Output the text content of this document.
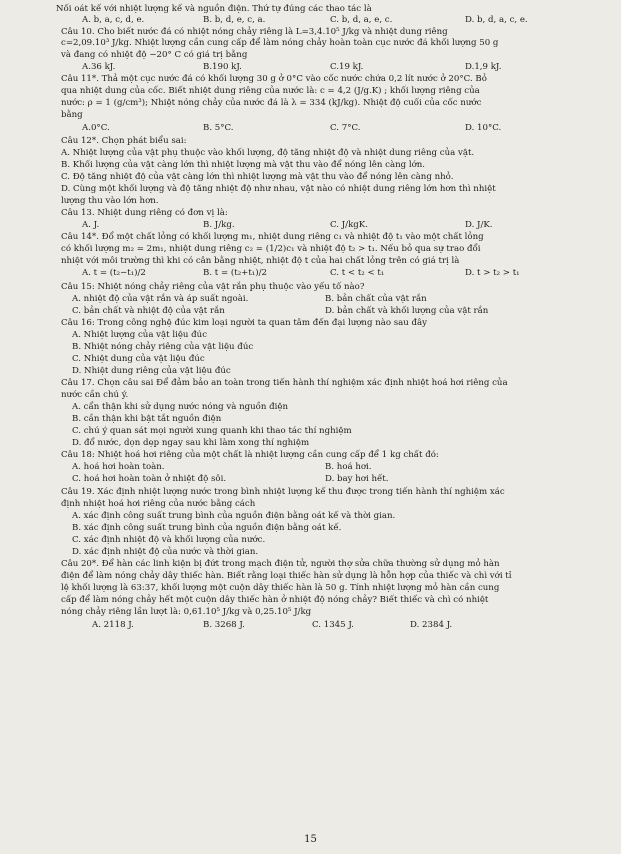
Nối oát kế với nhiệt lượng kế và nguồn điện. Thứ tự đúng các thao tác là
A. b, a, c, d, e.	B. b, d, e, c, a.	C. b, d, a, e, c.	D. b, d, a, c, e.
Câu 10. Cho biết nước đá có nhiệt nóng chảy riêng là L=3,4.10⁵ J/kg và nhiệt dung riêng
c=2,09.10³ J/kg. Nhiệt lượng cần cung cấp để làm nóng chảy hoàn toàn cục nước đá khối lượng 50 g
và đang có nhiệt độ −20° C có giá trị bằng
A.36 kJ.	B.190 kJ.	C.19 kJ.	D.1,9 kJ.
Câu 11*. Thả một cục nước đá có khối lượng 30 g ở 0°C vào cốc nước chứa 0,2 lít nước ở 20°C. Bỏ
qua nhiệt dung của cốc. Biết nhiệt dung riêng của nước là: c = 4,2 (J/g.K) ; khối lượng riêng của
nước: ρ = 1 (g/cm³); Nhiệt nóng chảy của nước đá là λ = 334 (kJ/kg). Nhiệt độ cuối của cốc nước
bằng
A.0°C.	B. 5°C.	C. 7°C.	D. 10°C.
Câu 12*. Chọn phát biểu sai:
A. Nhiệt lượng của vật phụ thuộc vào khối lượng, độ tăng nhiệt độ và nhiệt dung riêng của vật.
B. Khối lượng của vật càng lớn thì nhiệt lượng mà vật thu vào để nóng lên càng lớn.
C. Độ tăng nhiệt độ của vật càng lớn thì nhiệt lượng mà vật thu vào để nóng lên càng nhỏ.
D. Cùng một khối lượng và độ tăng nhiệt độ như nhau, vật nào có nhiệt dung riêng lớn hơn thì nhiệt
lượng thu vào lớn hơn.
Câu 13. Nhiệt dung riêng có đơn vị là:
A. J.	B. J/kg.	C. J/kgK.	D. J/K.
Câu 14*. Đổ một chất lỏng có khối lượng m₁, nhiệt dung riêng c₁ và nhiệt độ t₁ vào một chất lỏng
có khối lượng m₂ = 2m₁, nhiệt dung riêng c₂ = (1/2)c₁ và nhiệt độ t₂ > t₁. Nếu bỏ qua sự trao đổi
nhiệt với môi trường thì khi có cân bằng nhiệt, nhiệt độ t của hai chất lỏng trên có giá trị là
A. t = (t₂−t₁)/2	B. t = (t₂+t₁)/2	C. t < t₂ < t₁	D. t > t₂ > t₁
Câu 15: Nhiệt nóng chảy riêng của vật rắn phụ thuộc vào yếu tố nào?
A. nhiệt độ của vật rắn và áp suất ngoài.	B. bản chất của vật rắn
C. bản chất và nhiệt độ của vật rắn	D. bản chất và khối lượng của vật rắn
Câu 16: Trong công nghệ đúc kim loại người ta quan tâm đến đại lượng nào sau đây
A. Nhiệt lượng của vật liệu đúc
B. Nhiệt nóng chảy riêng của vật liệu đúc
C. Nhiệt dung của vật liệu đúc
D. Nhiệt dung riêng của vật liệu đúc
Câu 17. Chọn câu sai Để đảm bảo an toàn trong tiến hành thí nghiệm xác định nhiệt hoá hơi riêng của
nước cần chú ý.
A. cẩn thận khi sử dụng nước nóng và nguồn điện
B. cần thận khi bật tắt nguồn điện
C. chú ý quan sát mọi người xung quanh khi thao tác thí nghiệm
D. đổ nước, dọn dẹp ngay sau khi làm xong thí nghiệm
Câu 18: Nhiệt hoá hơi riêng của một chất là nhiệt lượng cần cung cấp để 1 kg chất đó:
A. hoá hơi hoàn toàn.	B. hoá hơi.
C. hoá hơi hoàn toàn ở nhiệt độ sôi.	D. bay hơi hết.
Câu 19. Xác định nhiệt lượng nước trong bình nhiệt lượng kế thu được trong tiến hành thí nghiệm xác
định nhiệt hoá hơi riêng của nước bằng cách
A. xác định công suất trung bình của nguồn điện bằng oát kế và thời gian.
B. xác định công suất trung bình của nguồn điện bằng oát kế.
C. xác định nhiệt độ và khối lượng của nước.
D. xác định nhiệt độ của nước và thời gian.
Câu 20*. Để hàn các linh kiện bị đứt trong mạch điện tử, người thợ sửa chữa thường sử dụng mỏ hàn
điện để làm nóng chảy dây thiếc hàn. Biết rằng loại thiếc hàn sử dụng là hỗn hợp của thiếc và chì với tỉ
lệ khối lượng là 63:37, khối lượng một cuộn dây thiếc hàn là 50 g. Tính nhiệt lượng mỏ hàn cần cung
cấp để làm nóng chảy hết một cuộn dây thiếc hàn ở nhiệt độ nóng chảy? Biết thiếc và chì có nhiệt
nóng chảy riêng lần lượt là: 0,61.10⁵ J/kg và 0,25.10⁵ J/kg
A. 2118 J.	B. 3268 J.	C. 1345 J.	D. 2384 J.
15
